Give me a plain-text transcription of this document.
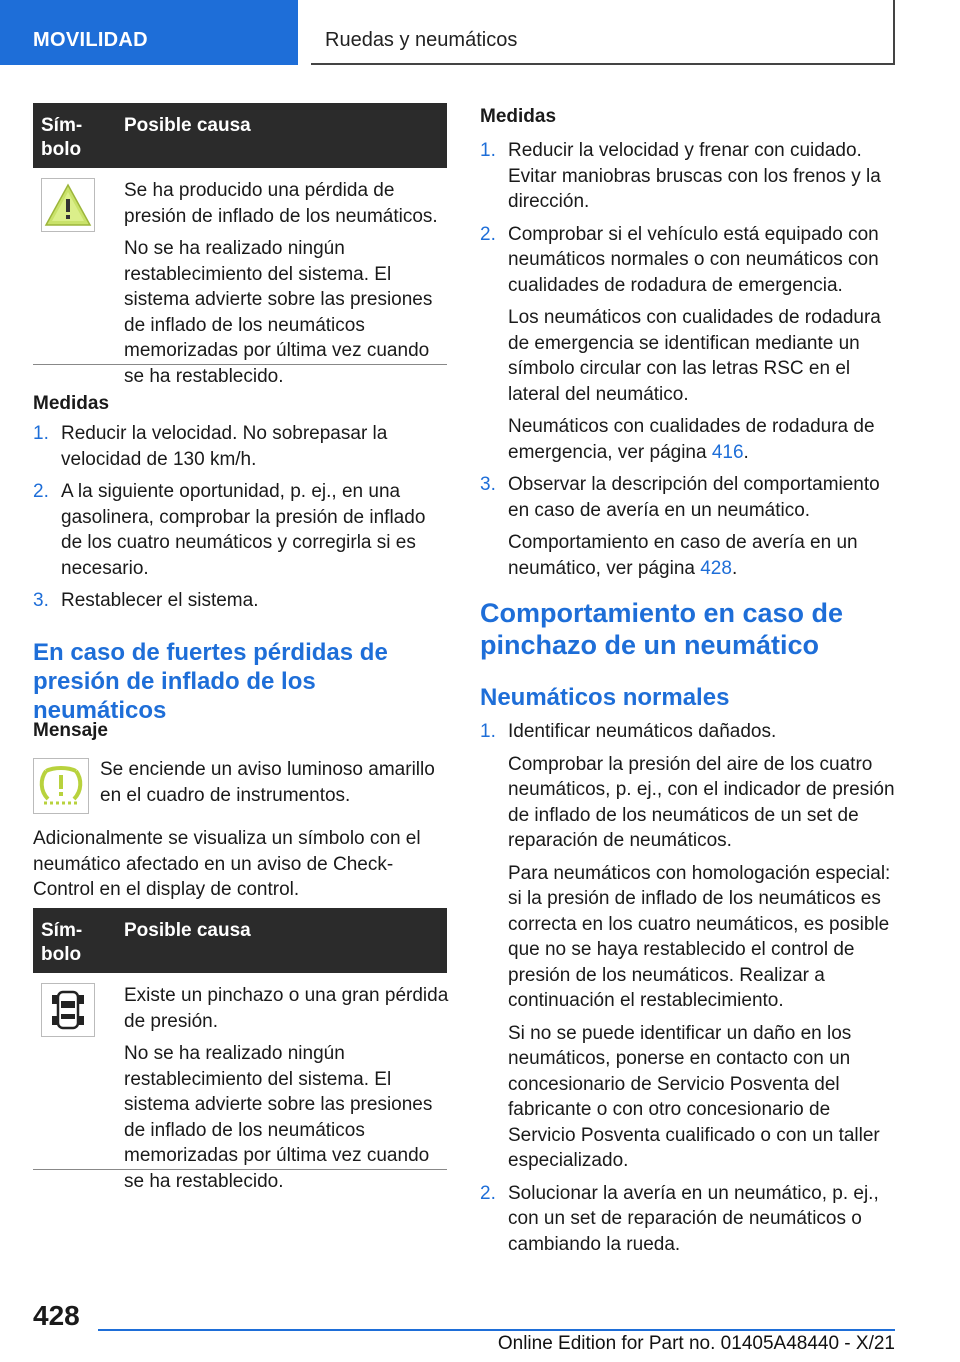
MOVILIDAD	Ruedas y neumáticos
Sím-
bolo
Posible causa

Se ha producido una pérdida de presión de inflado de los neumáticos.

No se ha realizado ningún restablecimiento del sistema. El sistema advierte sobre las presiones de inflado de los neumáticos memorizadas por última vez cuando se ha restablecido.

Medidas
1. Reducir la velocidad. No sobrepasar la velocidad de 130 km/h.
2. A la siguiente oportunidad, p. ej., en una gasolinera, comprobar la presión de inflado de los cuatro neumáticos y corregirla si es necesario.
3. Restablecer el sistema.
En caso de fuertes pérdidas de presión de inflado de los neumáticos
Mensaje
Se enciende un aviso luminoso amarillo en el cuadro de instrumentos.
Adicionalmente se visualiza un símbolo con el neumático afectado en un aviso de Check-Control en el display de control.
Sím-
bolo
Posible causa

Existe un pinchazo o una gran pérdida de presión.

No se ha realizado ningún restablecimiento del sistema. El sistema advierte sobre las presiones de inflado de los neumáticos memorizadas por última vez cuando se ha restablecido.

Medidas
1. Reducir la velocidad y frenar con cuidado. Evitar maniobras bruscas con los frenos y la dirección.

2. Comprobar si el vehículo está equipado con neumáticos normales o con neumáticos con cualidades de rodadura de emergencia.

Los neumáticos con cualidades de rodadura de emergencia se identifican mediante un símbolo circular con las letras RSC en el lateral del neumático.

Neumáticos con cualidades de rodadura de emergencia, ver página 416.

3. Observar la descripción del comportamiento en caso de avería en un neumático.

Comportamiento en caso de avería en un neumático, ver página 428.

Comportamiento en caso de pinchazo de un neumático
Neumáticos normales
1. Identificar neumáticos dañados.

Comprobar la presión del aire de los cuatro neumáticos, p. ej., con el indicador de presión de inflado de los neumáticos de un set de reparación de neumáticos.

Para neumáticos con homologación especial: si la presión de inflado de los neumáticos es correcta en los cuatro neumáticos, es posible que no se haya restablecido el control de presión de los neumáticos. Realizar a continuación el restablecimiento.

Si no se puede identificar un daño en los neumáticos, ponerse en contacto con un concesionario de Servicio Posventa del fabricante o con otro concesionario de Servicio Posventa cualificado o con un taller especializado.

2. Solucionar la avería en un neumático, p. ej., con un set de reparación de neumáticos o cambiando la rueda.

428
Online Edition for Part no. 01405A48440 - X/21
